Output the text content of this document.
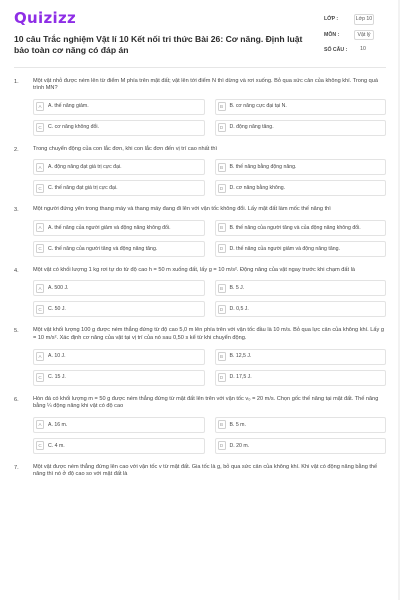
Quizizz
10 câu Trắc nghiệm Vật lí 10 Kết nối tri thức Bài 26: Cơ năng. Định luật bảo toàn cơ năng có đáp án
LỚP :	Lớp 10
MÔN :	Vật lý
SỐ CÂU :	10
1.	Một vật nhỏ được ném lên từ điểm M phía trên mặt đất; vật lên tới điểm N thì dừng và rơi xuống. Bỏ qua sức cản của không khí. Trong quá trình MN?
A	A. thế năng giảm.	B	B. cơ năng cực đại tại N.
C	C. cơ năng không đổi.	D	D. động năng tăng.
2.	Trong chuyển động của con lắc đơn, khi con lắc đơn đến vị trí cao nhất thì
A	A. động năng đạt giá trị cực đại.	B	B. thế năng bằng động năng.
C	C. thế năng đạt giá trị cực đại.	D	D. cơ năng bằng không.
3.	Một người đứng yên trong thang máy và thang máy đang đi lên với vận tốc không đổi. Lấy mặt đất làm mốc thế năng thì
A	A. thế năng của người giảm và động năng không đổi.	B	B. thế năng của người tăng và của động năng không đổi.
C	C. thế năng của người tăng và động năng tăng.	D	D. thế năng của người giảm và động năng tăng.
4.	Một vật có khối lượng 1 kg rơi tự do từ độ cao h = 50 m xuống đất, lấy g = 10 m/s². Động năng của vật ngay trước khi chạm đất là
A	A. 500 J.	B	B. 5 J.
C	C. 50 J.	D	D. 0,5 J.
5.	Một vật khối lượng 100 g được ném thẳng đứng từ độ cao 5,0 m lên phía trên với vận tốc đầu là 10 m/s. Bỏ qua lực cản của không khí. Lấy g = 10 m/s². Xác định cơ năng của vật tại vị trí của nó sau 0,50 s kể từ khi chuyển động.
A	A. 10 J.	B	B. 12,5 J.
C	C. 15 J.	D	D. 17,5 J.
6.	Hòn đá có khối lượng m = 50 g được ném thẳng đứng từ mặt đất lên trên với vận tốc v₀ = 20 m/s. Chọn gốc thế năng tại mặt đất. Thế năng bằng ¼ động năng khi vật có độ cao
A	A. 16 m.	B	B. 5 m.
C	C. 4 m.	D	D. 20 m.
7.	Một vật được ném thẳng đứng lên cao với vận tốc v từ mặt đất. Gia tốc là g, bỏ qua sức cản của không khí. Khi vật có động năng bằng thế năng thì nó ở độ cao so với mặt đất là
